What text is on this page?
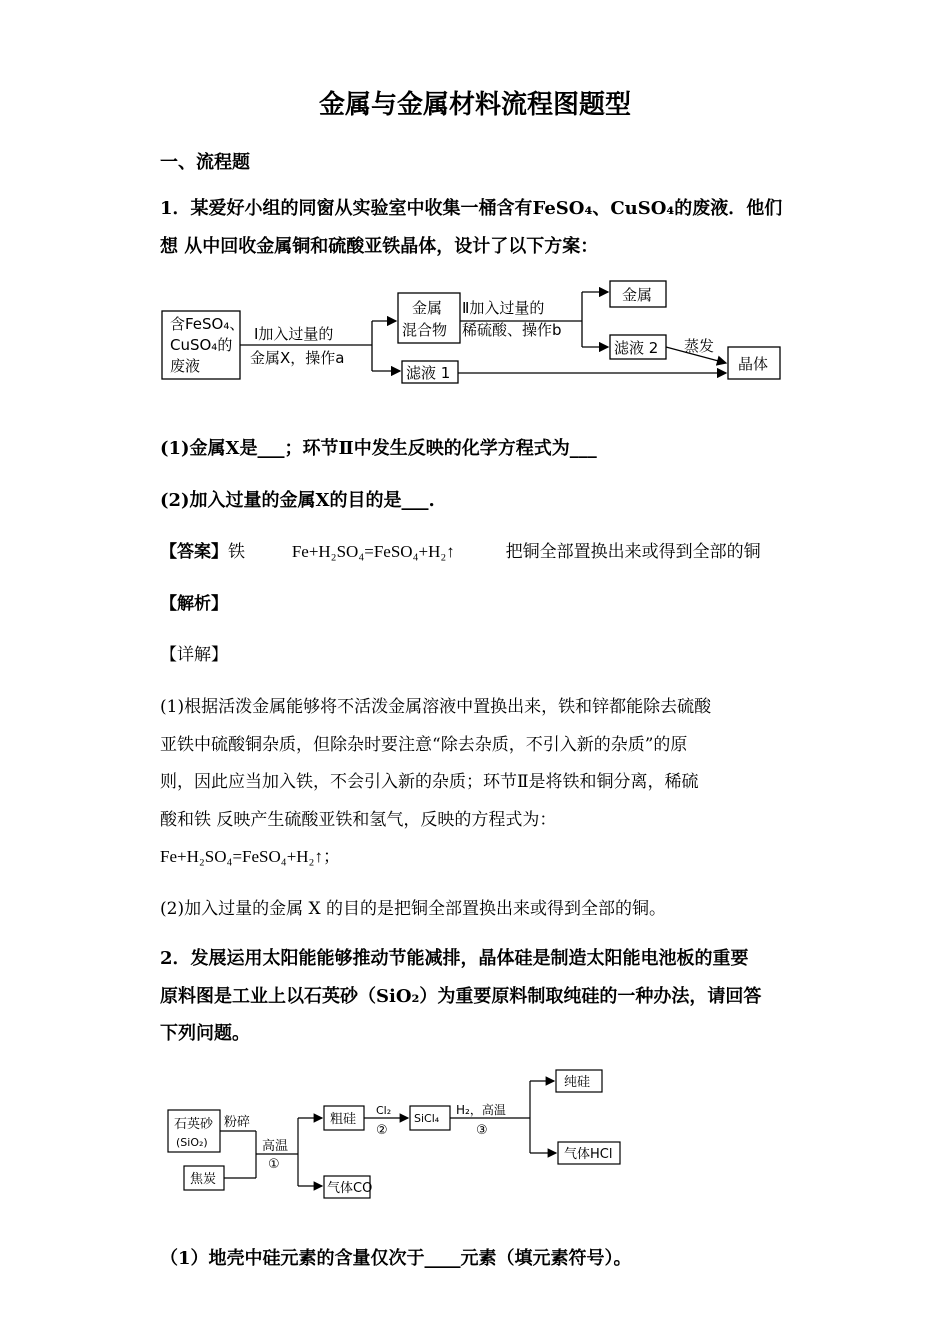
金属与金属材料流程图题型
一、流程题
1．某爱好小组的同窗从实验室中收集一桶含有FeSO₄、CuSO₄的废液．他们
想 从中回收金属铜和硫酸亚铁晶体，设计了以下方案：
含FeSO₄、
CuSO₄的
废液
Ⅰ加入过量的
金属X，操作a
金属
混合物
Ⅱ加入过量的
稀硫酸、操作b
金属
滤液 2 蒸发
晶体
滤液 1
(1)金属X是___；环节Ⅱ中发生反映的化学方程式为___
(2)加入过量的金属X的目的是___.
【答案】铁	Fe+H₂SO₄=FeSO₄+H₂↑	把铜全部置换出来或得到全部的铜
【解析】
【详解】
(1)根据活泼金属能够将不活泼金属溶液中置换出来，铁和锌都能除去硫酸
亚铁中硫酸铜杂质，但除杂时要注意“除去杂质，不引入新的杂质”的原
则，因此应当加入铁，不会引入新的杂质；环节Ⅱ是将铁和铜分离，稀硫
酸和铁 反映产生硫酸亚铁和氢气，反映的方程式为：
Fe+H₂SO₄=FeSO₄+H₂↑；
(2)加入过量的金属 X 的目的是把铜全部置换出来或得到全部的铜。
2．发展运用太阳能能够推动节能减排，晶体硅是制造太阳能电池板的重要
原料图是工业上以石英砂（SiO₂）为重要原料制取纯硅的一种办法，请回答
下列问题。
石英砂
(SiO₂)
粉碎
焦炭
高温
①
粗硅
Cl₂
②
SiCl₄
H₂，高温
③
纯硅
气体HCl
气体CO
（1）地壳中硅元素的含量仅次于____元素（填元素符号）。
